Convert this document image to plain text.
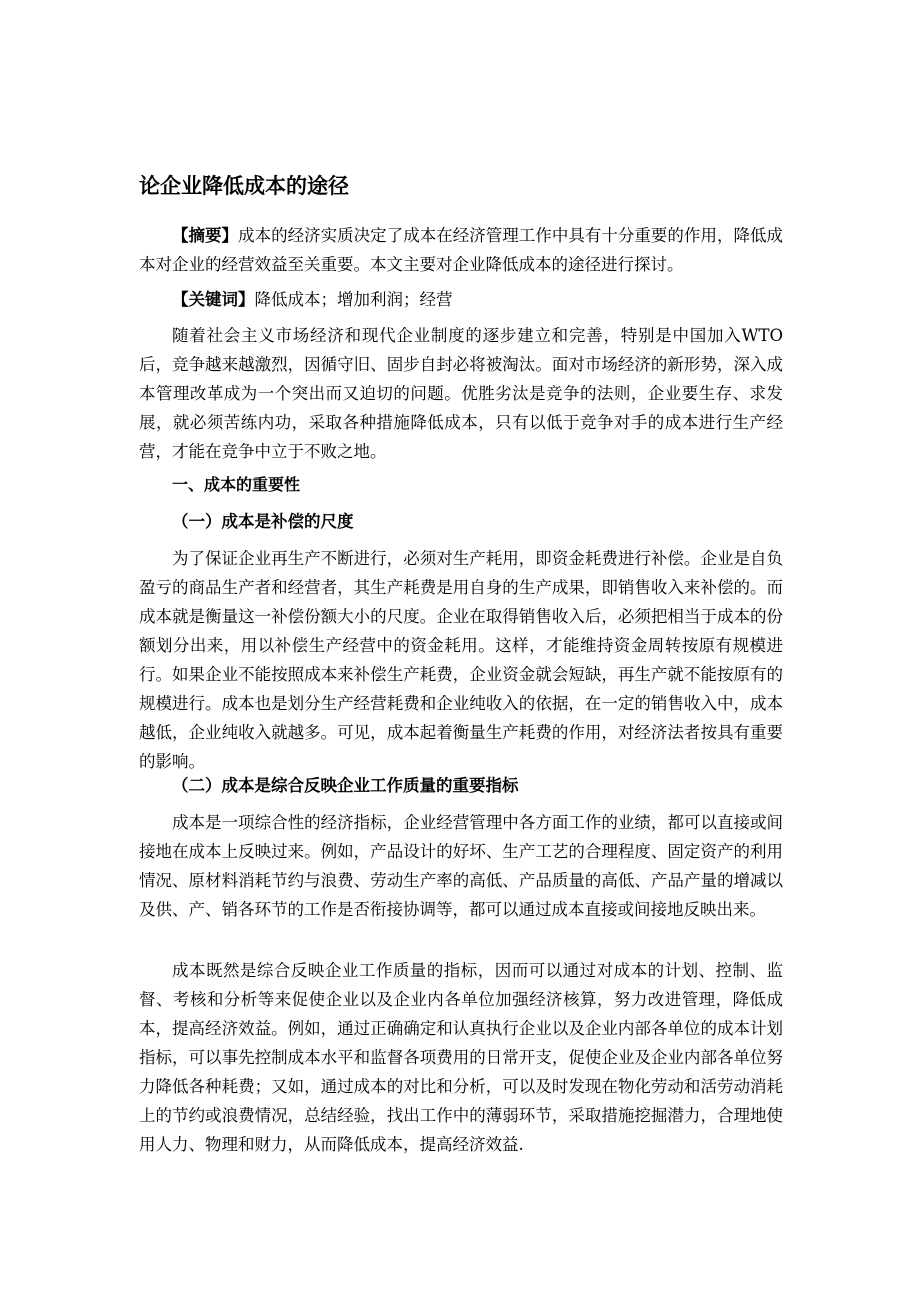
论企业降低成本的途径

【摘要】成本的经济实质决定了成本在经济管理工作中具有十分重要的作用，降低成本对企业的经营效益至关重要。本文主要对企业降低成本的途径进行探讨。

【关键词】降低成本；增加利润；经营

随着社会主义市场经济和现代企业制度的逐步建立和完善，特别是中国加入WTO后，竞争越来越激烈，因循守旧、固步自封必将被淘汰。面对市场经济的新形势，深入成本管理改革成为一个突出而又迫切的问题。优胜劣汰是竞争的法则，企业要生存、求发展，就必须苦练内功，采取各种措施降低成本，只有以低于竞争对手的成本进行生产经营，才能在竞争中立于不败之地。

一、成本的重要性
（一）成本是补偿的尺度

为了保证企业再生产不断进行，必须对生产耗用，即资金耗费进行补偿。企业是自负盈亏的商品生产者和经营者，其生产耗费是用自身的生产成果，即销售收入来补偿的。而成本就是衡量这一补偿份额大小的尺度。企业在取得销售收入后，必须把相当于成本的份额划分出来，用以补偿生产经营中的资金耗用。这样，才能维持资金周转按原有规模进行。如果企业不能按照成本来补偿生产耗费，企业资金就会短缺，再生产就不能按原有的规模进行。成本也是划分生产经营耗费和企业纯收入的依据，在一定的销售收入中，成本越低，企业纯收入就越多。可见，成本起着衡量生产耗费的作用，对经济法者按具有重要的影响。

（二）成本是综合反映企业工作质量的重要指标

成本是一项综合性的经济指标，企业经营管理中各方面工作的业绩，都可以直接或间接地在成本上反映过来。例如，产品设计的好坏、生产工艺的合理程度、固定资产的利用情况、原材料消耗节约与浪费、劳动生产率的高低、产品质量的高低、产品产量的增减以及供、产、销各环节的工作是否衔接协调等，都可以通过成本直接或间接地反映出来。

成本既然是综合反映企业工作质量的指标，因而可以通过对成本的计划、控制、监督、考核和分析等来促使企业以及企业内各单位加强经济核算，努力改进管理，降低成本，提高经济效益。例如，通过正确确定和认真执行企业以及企业内部各单位的成本计划指标，可以事先控制成本水平和监督各项费用的日常开支，促使企业及企业内部各单位努力降低各种耗费；又如，通过成本的对比和分析，可以及时发现在物化劳动和活劳动消耗上的节约或浪费情况，总结经验，找出工作中的薄弱环节，采取措施挖掘潜力，合理地使用人力、物理和财力，从而降低成本，提高经济效益.
